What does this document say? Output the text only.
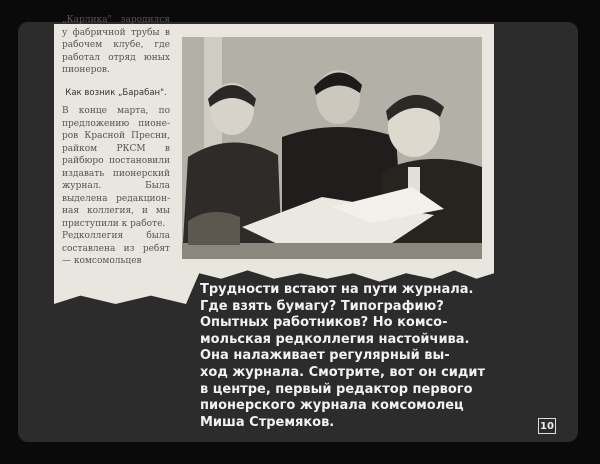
„Карлика" зародился у фабричной трубы в рабочем клубе, где работал отряд юных пионеров.

Как возник „Барабан".

В конце марта, по предложению пионеров Красной Пресни, райком РКСМ в райбюро постановили издавать пионерский журнал. Была выделена редакционная коллегия, и мы приступили к работе.

Редколлегия была составлена из ребят — комсомольцев

Трудности встают на пути журнала.
Где взять бумагу? Типографию?
Опытных работников? Но комсо-
мольская редколлегия настойчива.
Она налаживает регулярный вы-
ход журнала. Смотрите, вот он сидит
в центре, первый редактор первого
пионерского журнала комсомолец
Миша Стремяков.	10
